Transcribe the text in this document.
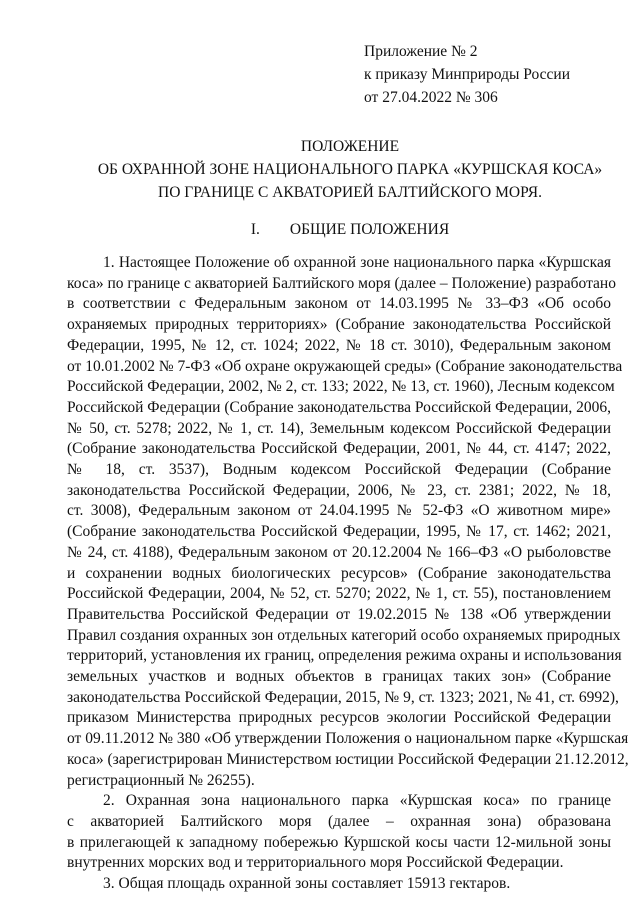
Приложение № 2
к приказу Минприроды России
от 27.04.2022 № 306
ПОЛОЖЕНИЕ
ОБ ОХРАННОЙ ЗОНЕ НАЦИОНАЛЬНОГО ПАРКА «КУРШСКАЯ КОСА»
ПО ГРАНИЦЕ С АКВАТОРИЕЙ БАЛТИЙСКОГО МОРЯ.
I. ОБЩИЕ ПОЛОЖЕНИЯ
1. Настоящее Положение об охранной зоне национального парка «Куршская
коса» по границе с акваторией Балтийского моря (далее – Положение) разработано
в соответствии с Федеральным законом от 14.03.1995 № 33–ФЗ «Об особо
охраняемых природных территориях» (Собрание законодательства Российской
Федерации, 1995, № 12, ст. 1024; 2022, № 18 ст. 3010), Федеральным законом
от 10.01.2002 № 7-ФЗ «Об охране окружающей среды» (Собрание законодательства
Российской Федерации, 2002, № 2, ст. 133; 2022, № 13, ст. 1960), Лесным кодексом
Российской Федерации (Собрание законодательства Российской Федерации, 2006,
№ 50, ст. 5278; 2022, № 1, ст. 14), Земельным кодексом Российской Федерации
(Собрание законодательства Российской Федерации, 2001, № 44, ст. 4147; 2022,
№ 18, ст. 3537), Водным кодексом Российской Федерации (Собрание
законодательства Российской Федерации, 2006, № 23, ст. 2381; 2022, № 18,
ст. 3008), Федеральным законом от 24.04.1995 № 52-ФЗ «О животном мире»
(Собрание законодательства Российской Федерации, 1995, № 17, ст. 1462; 2021,
№ 24, ст. 4188), Федеральным законом от 20.12.2004 № 166–ФЗ «О рыболовстве
и сохранении водных биологических ресурсов» (Собрание законодательства
Российской Федерации, 2004, № 52, ст. 5270; 2022, № 1, ст. 55), постановлением
Правительства Российской Федерации от 19.02.2015 № 138 «Об утверждении
Правил создания охранных зон отдельных категорий особо охраняемых природных
территорий, установления их границ, определения режима охраны и использования
земельных участков и водных объектов в границах таких зон» (Собрание
законодательства Российской Федерации, 2015, № 9, ст. 1323; 2021, № 41, ст. 6992),
приказом Министерства природных ресурсов экологии Российской Федерации
от 09.11.2012 № 380 «Об утверждении Положения о национальном парке «Куршская
коса» (зарегистрирован Министерством юстиции Российской Федерации 21.12.2012,
регистрационный № 26255).
2. Охранная зона национального парка «Куршская коса» по границе
с акваторией Балтийского моря (далее – охранная зона) образована
в прилегающей к западному побережью Куршской косы части 12-мильной зоны
внутренних морских вод и территориального моря Российской Федерации.
3. Общая площадь охранной зоны составляет 15913 гектаров.
